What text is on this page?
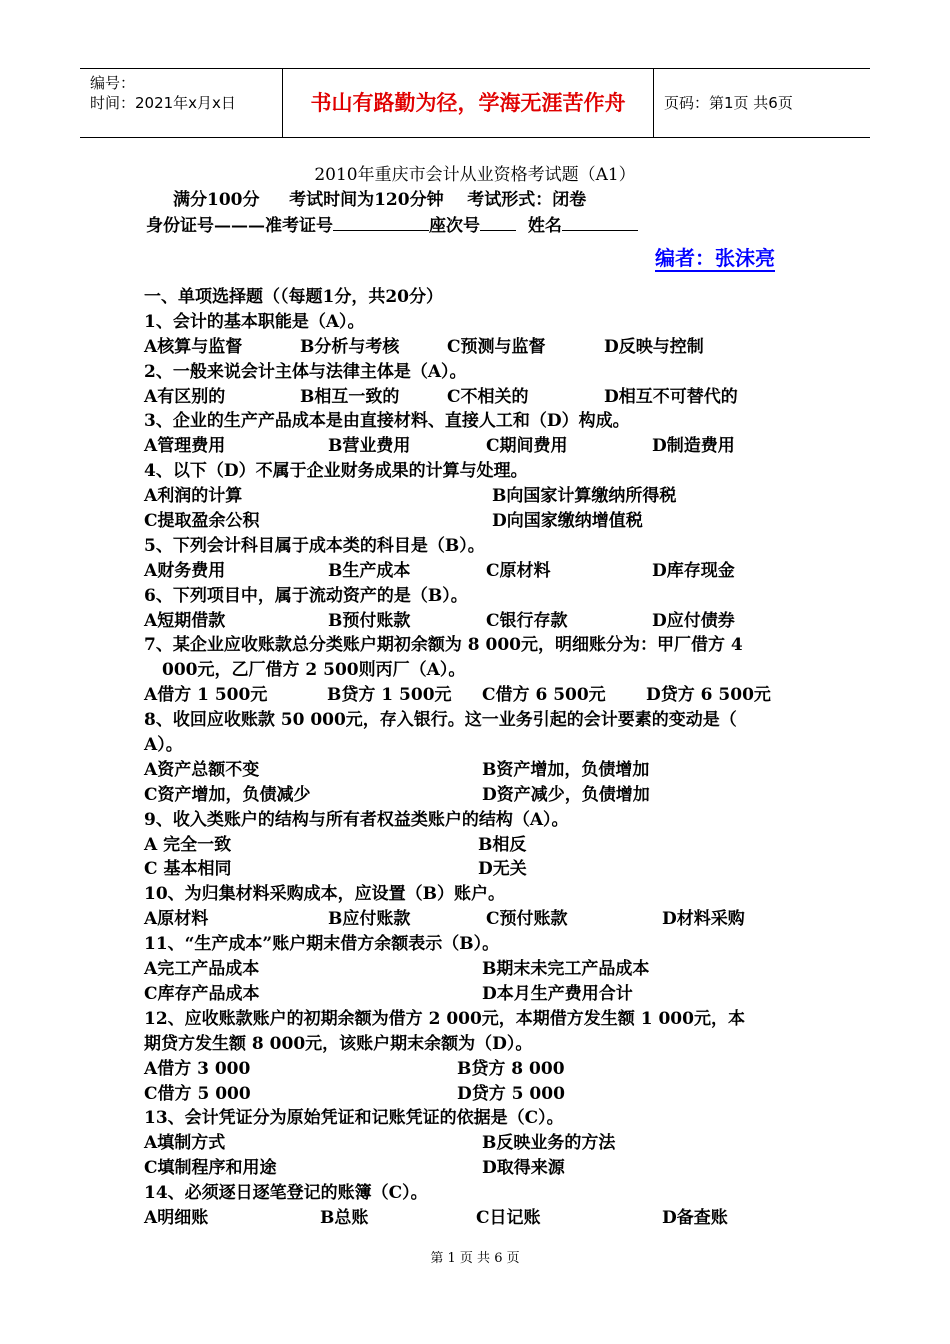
编号：
时间：2021年x月x日	书山有路勤为径，学海无涯苦作舟	页码：第1页 共6页
2010年重庆市会计从业资格考试题（A1）
满分100分     考试时间为120分钟    考试形式：闭卷
身份证号———准考证号	座次号	姓名
编者：张沫亮
一、单项选择题（（每题1分，共20分）
1、会计的基本职能是（A）。
A核算与监督	B分析与考核	C预测与监督	D反映与控制
2、一般来说会计主体与法律主体是（A）。
A有区别的	B相互一致的	C不相关的	D相互不可替代的
3、企业的生产产品成本是由直接材料、直接人工和（D）构成。
A管理费用	B营业费用	C期间费用	D制造费用
4、以下（D）不属于企业财务成果的计算与处理。
A利润的计算	B向国家计算缴纳所得税
C提取盈余公积	D向国家缴纳增值税
5、下列会计科目属于成本类的科目是（B）。
A财务费用	B生产成本	C原材料	D库存现金
6、下列项目中，属于流动资产的是（B）。
A短期借款	B预付账款	C银行存款	D应付债券
7、某企业应收账款总分类账户期初余额为 8 000元，明细账分为：甲厂借方 4
000元，乙厂借方 2 500则丙厂（A）。
A借方 1 500元	B贷方 1 500元 C借方 6 500元 D贷方 6 500元
8、收回应收账款 50 000元，存入银行。这一业务引起的会计要素的变动是（
A）。
A资产总额不变	B资产增加，负债增加
C资产增加，负债减少	D资产减少，负债增加
9、收入类账户的结构与所有者权益类账户的结构（A）。
A 完全一致	B相反
C 基本相同	D无关
10、为归集材料采购成本，应设置（B）账户。
A原材料	B应付账款	C预付账款	D材料采购
11、“生产成本”账户期末借方余额表示（B）。
A完工产品成本	B期末未完工产品成本
C库存产品成本	D本月生产费用合计
12、应收账款账户的初期余额为借方 2 000元，本期借方发生额 1 000元，本
期贷方发生额 8 000元，该账户期末余额为（D）。
A借方 3 000	B贷方 8 000
C借方 5 000	D贷方 5 000
13、会计凭证分为原始凭证和记账凭证的依据是（C）。
A填制方式	B反映业务的方法
C填制程序和用途	D取得来源
14、必须逐日逐笔登记的账簿（C）。
A明细账	B总账	C日记账	D备查账
第 1 页 共 6 页
